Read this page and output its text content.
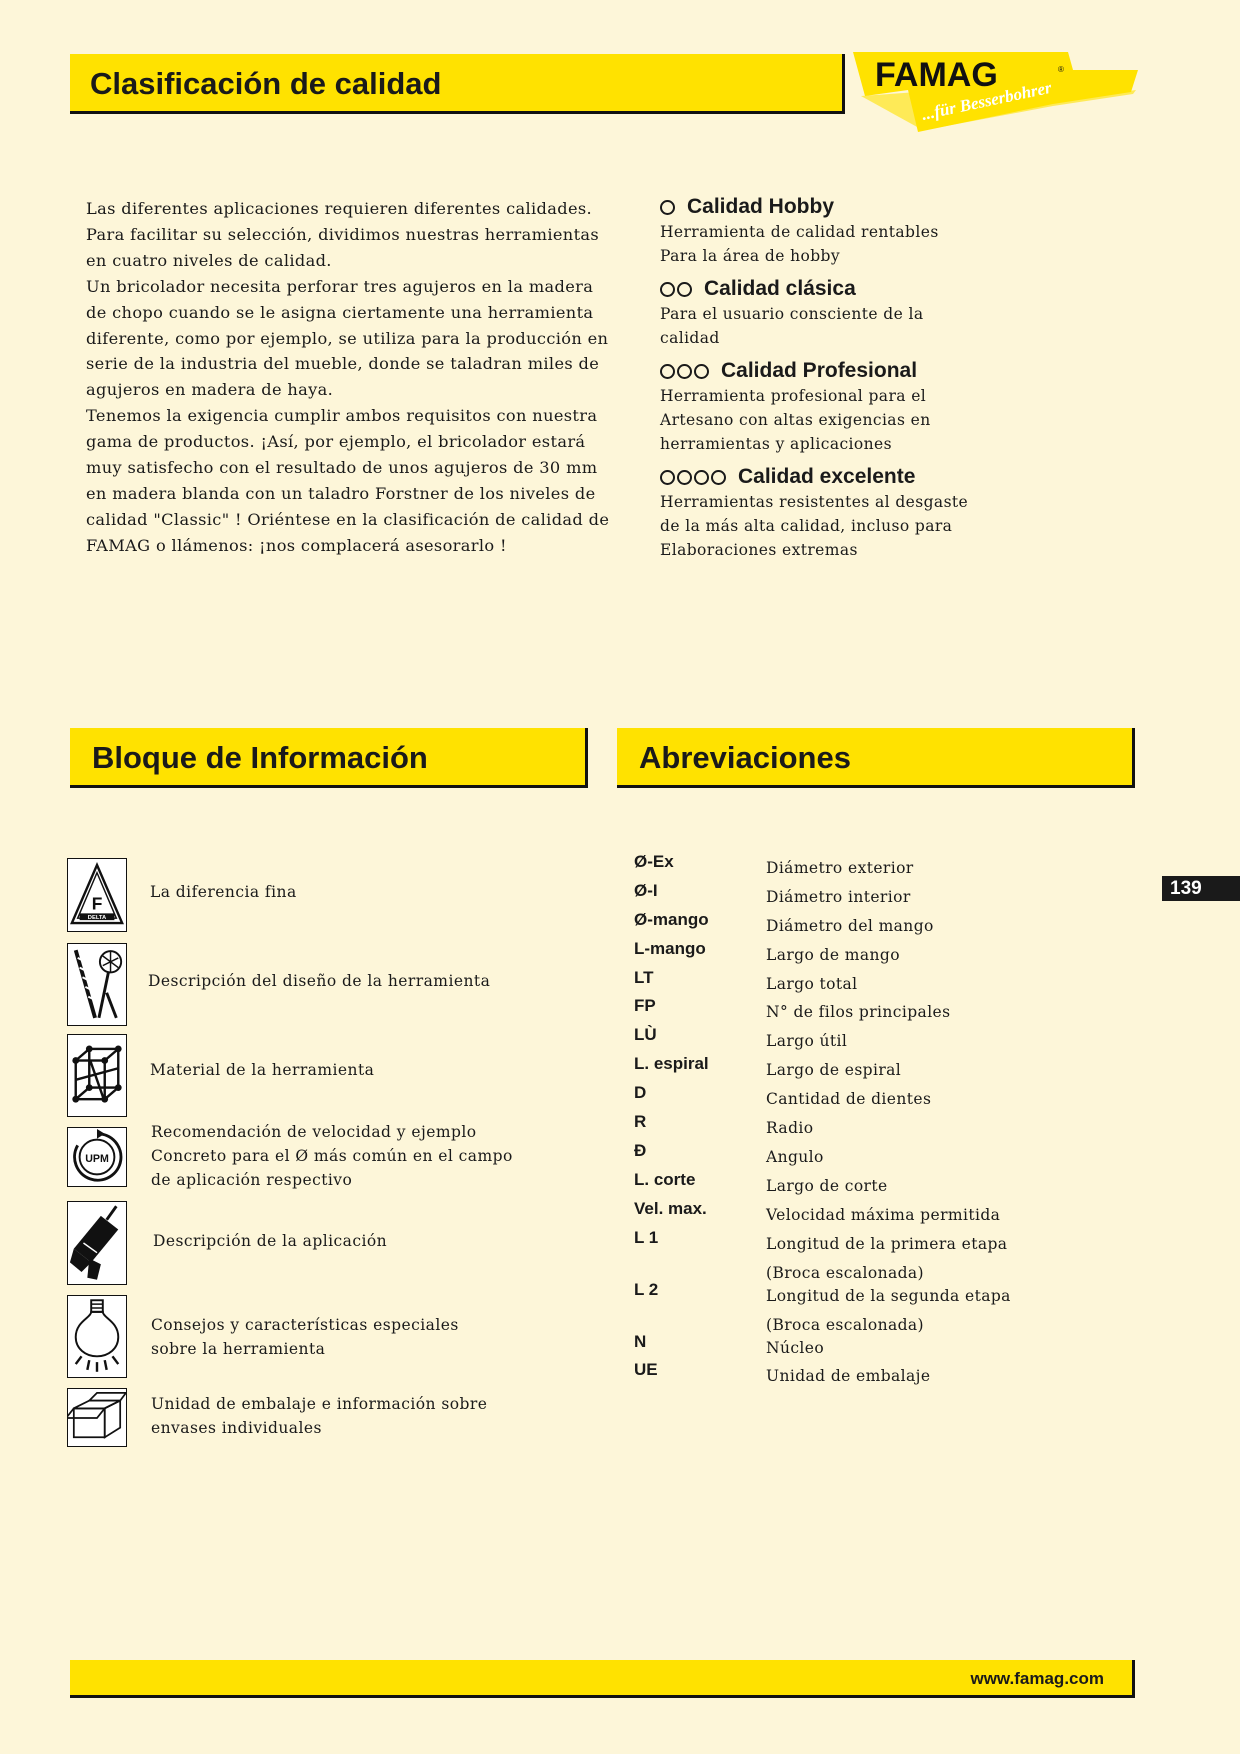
Clasificación de calidad	FAMAG	®
...für Besserbohrer

Las diferentes aplicaciones requieren diferentes calidades. Para facilitar su selección, dividimos nuestras herramientas en cuatro niveles de calidad.

Un bricolador necesita perforar tres agujeros en la madera de chopo cuando se le asigna ciertamente una herramienta diferente, como por ejemplo, se utiliza para la producción en serie de la industria del mueble, donde se taladran miles de agujeros en madera de haya.

Tenemos la exigencia cumplir ambos requisitos con nuestra gama de productos. ¡Así, por ejemplo, el bricolador estará muy satisfecho con el resultado de unos agujeros de 30 mm en madera blanda con un taladro Forstner de los niveles de calidad "Classic" ! Oriéntese en la clasificación de calidad de FAMAG o llámenos: ¡nos complacerá asesorarlo !

Calidad Hobby
Herramienta de calidad rentables
Para la área de hobby
Calidad clásica
Para el usuario consciente de la
calidad
Calidad Profesional
Herramienta profesional para el
Artesano con altas exigencias en
herramientas y aplicaciones
Calidad excelente
Herramientas resistentes al desgaste
de la más alta calidad, incluso para
Elaboraciones extremas
Bloque de Información	Abreviaciones
F
DELTA
La diferencia fina
Descripción del diseño de la herramienta
Material de la herramienta
UPM
Recomendación de velocidad y ejemplo
Concreto para el Ø más común en el campo
de aplicación respectivo
Descripción de la aplicación
Consejos y características especiales
sobre la herramienta
Unidad de embalaje e información sobre
envases individuales
Ø-Ex	Diámetro exterior
Ø-I	Diámetro interior
Ø-mango	Diámetro del mango
L-mango	Largo de mango
LT	Largo total
FP	N° de filos principales
LÙ	Largo útil
L. espiral	Largo de espiral
D	Cantidad de dientes
R	Radio
Ð	Angulo
L. corte	Largo de corte
Vel. max.	Velocidad máxima permitida
L 1	Longitud de la primera etapa (Broca escalonada)
L 2	Longitud de la segunda etapa (Broca escalonada)
N	Núcleo
UE	Unidad de embalaje
139
www.famag.com
